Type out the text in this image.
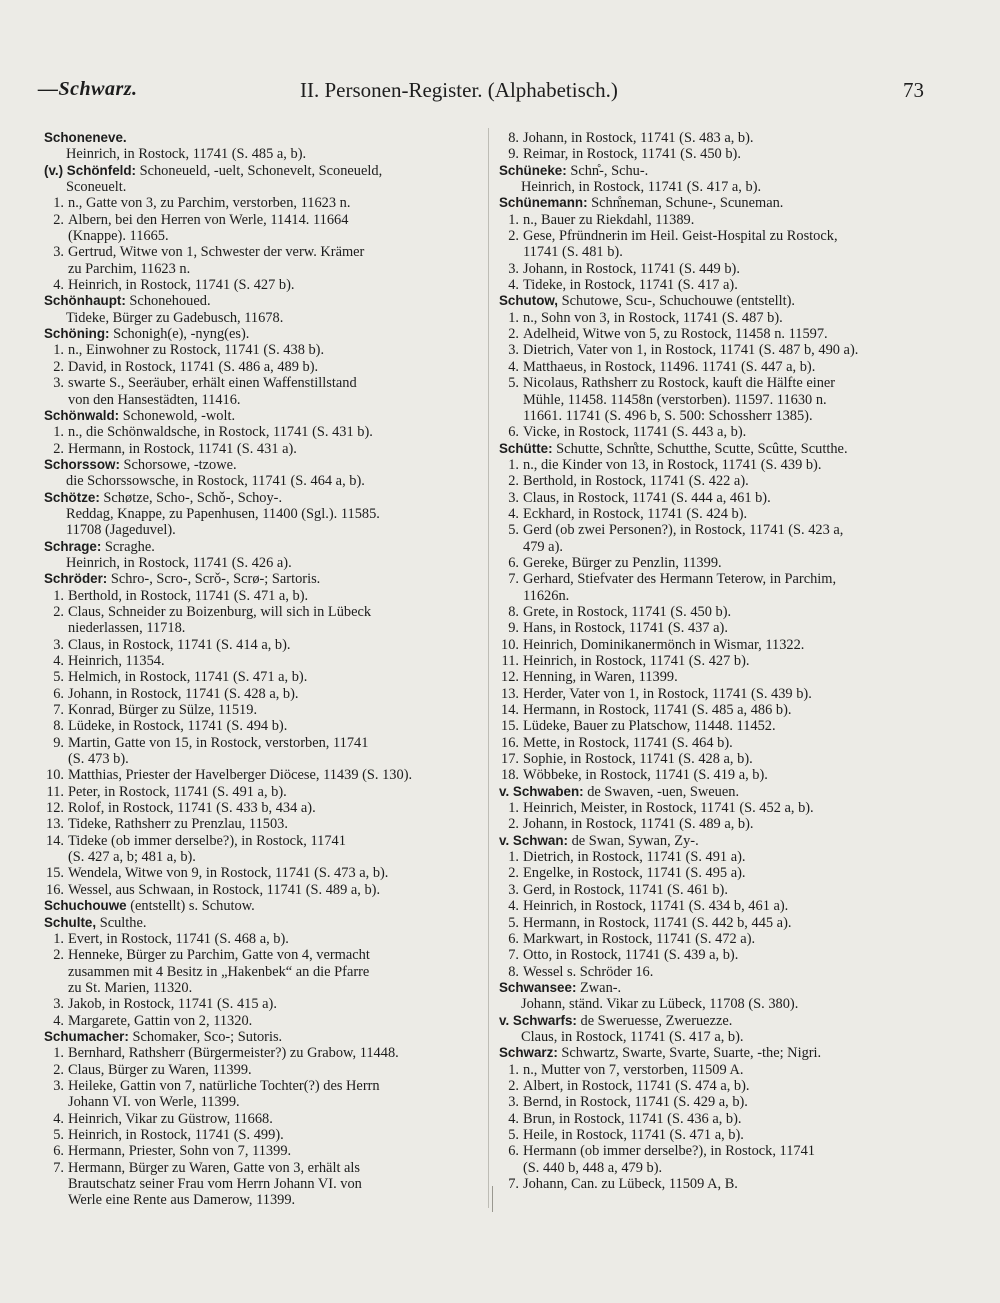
—Schwarz.	II. Personen-Register. (Alphabetisch.)	73
Schoneneve.
Heinrich, in Rostock, 11741 (S. 485 a, b).
(v.) Schönfeld: Schoneueld, -uelt, Schonevelt, Sconeueld,
Sconeuelt.
1. n., Gatte von 3, zu Parchim, verstorben, 11623 n.
2. Albern, bei den Herren von Werle, 11414. 11664
(Knappe). 11665.
3. Gertrud, Witwe von 1, Schwester der verw. Krämer
zu Parchim, 11623 n.
4. Heinrich, in Rostock, 11741 (S. 427 b).
Schönhaupt: Schonehoued.
Tideke, Bürger zu Gadebusch, 11678.
Schöning: Schonigh(e), -nyng(es).
1. n., Einwohner zu Rostock, 11741 (S. 438 b).
2. David, in Rostock, 11741 (S. 486 a, 489 b).
3. swarte S., Seeräuber, erhält einen Waffenstillstand
von den Hansestädten, 11416.
Schönwald: Schonewold, -wolt.
1. n., die Schönwaldsche, in Rostock, 11741 (S. 431 b).
2. Hermann, in Rostock, 11741 (S. 431 a).
Schorssow: Schorsowe, -tzowe.
die Schorssowsche, in Rostock, 11741 (S. 464 a, b).
Schötze: Schøtze, Scho-, Schǒ-, Schoy-.
Reddag, Knappe, zu Papenhusen, 11400 (Sgl.). 11585.
11708 (Jageduvel).
Schrage: Scraghe.
Heinrich, in Rostock, 11741 (S. 426 a).
Schröder: Schro-, Scro-, Scrǒ-, Scrø-; Sartoris.
1. Berthold, in Rostock, 11741 (S. 471 a, b).
2. Claus, Schneider zu Boizenburg, will sich in Lübeck
niederlassen, 11718.
3. Claus, in Rostock, 11741 (S. 414 a, b).
4. Heinrich, 11354.
5. Helmich, in Rostock, 11741 (S. 471 a, b).
6. Johann, in Rostock, 11741 (S. 428 a, b).
7. Konrad, Bürger zu Sülze, 11519.
8. Lüdeke, in Rostock, 11741 (S. 494 b).
9. Martin, Gatte von 15, in Rostock, verstorben, 11741
(S. 473 b).
10. Matthias, Priester der Havelberger Diöcese, 11439 (S. 130).
11. Peter, in Rostock, 11741 (S. 491 a, b).
12. Rolof, in Rostock, 11741 (S. 433 b, 434 a).
13. Tideke, Rathsherr zu Prenzlau, 11503.
14. Tideke (ob immer derselbe?), in Rostock, 11741
(S. 427 a, b; 481 a, b).
15. Wendela, Witwe von 9, in Rostock, 11741 (S. 473 a, b).
16. Wessel, aus Schwaan, in Rostock, 11741 (S. 489 a, b).
Schuchouwe (entstellt) s. Schutow.
Schulte, Sculthe.
1. Evert, in Rostock, 11741 (S. 468 a, b).
2. Henneke, Bürger zu Parchim, Gatte von 4, vermacht
zusammen mit 4 Besitz in „Hakenbek“ an die Pfarre
zu St. Marien, 11320.
3. Jakob, in Rostock, 11741 (S. 415 a).
4. Margarete, Gattin von 2, 11320.
Schumacher: Schomaker, Sco-; Sutoris.
1. Bernhard, Rathsherr (Bürgermeister?) zu Grabow, 11448.
2. Claus, Bürger zu Waren, 11399.
3. Heileke, Gattin von 7, natürliche Tochter(?) des Herrn
Johann VI. von Werle, 11399.
4. Heinrich, Vikar zu Güstrow, 11668.
5. Heinrich, in Rostock, 11741 (S. 499).
6. Hermann, Priester, Sohn von 7, 11399.
7. Hermann, Bürger zu Waren, Gatte von 3, erhält als
Brautschatz seiner Frau vom Herrn Johann VI. von
Werle eine Rente aus Damerow, 11399.
8. Johann, in Rostock, 11741 (S. 483 a, b).
9. Reimar, in Rostock, 11741 (S. 450 b).
Schüneke: Schn̊-, Schu-.
Heinrich, in Rostock, 11741 (S. 417 a, b).
Schünemann: Schn̊neman, Schune-, Scuneman.
1. n., Bauer zu Riekdahl, 11389.
2. Gese, Pfründnerin im Heil. Geist-Hospital zu Rostock,
11741 (S. 481 b).
3. Johann, in Rostock, 11741 (S. 449 b).
4. Tideke, in Rostock, 11741 (S. 417 a).
Schutow, Schutowe, Scu-, Schuchouwe (entstellt).
1. n., Sohn von 3, in Rostock, 11741 (S. 487 b).
2. Adelheid, Witwe von 5, zu Rostock, 11458 n. 11597.
3. Dietrich, Vater von 1, in Rostock, 11741 (S. 487 b, 490 a).
4. Matthaeus, in Rostock, 11496. 11741 (S. 447 a, b).
5. Nicolaus, Rathsherr zu Rostock, kauft die Hälfte einer
Mühle, 11458. 11458n (verstorben). 11597. 11630 n.
11661. 11741 (S. 496 b, S. 500: Schossherr 1385).
6. Vicke, in Rostock, 11741 (S. 443 a, b).
Schütte: Schutte, Schn̊tte, Schutthe, Scutte, Scûtte, Scutthe.
1. n., die Kinder von 13, in Rostock, 11741 (S. 439 b).
2. Berthold, in Rostock, 11741 (S. 422 a).
3. Claus, in Rostock, 11741 (S. 444 a, 461 b).
4. Eckhard, in Rostock, 11741 (S. 424 b).
5. Gerd (ob zwei Personen?), in Rostock, 11741 (S. 423 a,
479 a).
6. Gereke, Bürger zu Penzlin, 11399.
7. Gerhard, Stiefvater des Hermann Teterow, in Parchim,
11626n.
8. Grete, in Rostock, 11741 (S. 450 b).
9. Hans, in Rostock, 11741 (S. 437 a).
10. Heinrich, Dominikanermönch in Wismar, 11322.
11. Heinrich, in Rostock, 11741 (S. 427 b).
12. Henning, in Waren, 11399.
13. Herder, Vater von 1, in Rostock, 11741 (S. 439 b).
14. Hermann, in Rostock, 11741 (S. 485 a, 486 b).
15. Lüdeke, Bauer zu Platschow, 11448. 11452.
16. Mette, in Rostock, 11741 (S. 464 b).
17. Sophie, in Rostock, 11741 (S. 428 a, b).
18. Wöbbeke, in Rostock, 11741 (S. 419 a, b).
v. Schwaben: de Swaven, -uen, Sweuen.
1. Heinrich, Meister, in Rostock, 11741 (S. 452 a, b).
2. Johann, in Rostock, 11741 (S. 489 a, b).
v. Schwan: de Swan, Sywan, Zy-.
1. Dietrich, in Rostock, 11741 (S. 491 a).
2. Engelke, in Rostock, 11741 (S. 495 a).
3. Gerd, in Rostock, 11741 (S. 461 b).
4. Heinrich, in Rostock, 11741 (S. 434 b, 461 a).
5. Hermann, in Rostock, 11741 (S. 442 b, 445 a).
6. Markwart, in Rostock, 11741 (S. 472 a).
7. Otto, in Rostock, 11741 (S. 439 a, b).
8. Wessel s. Schröder 16.
Schwansee: Zwan-.
Johann, ständ. Vikar zu Lübeck, 11708 (S. 380).
v. Schwarfs: de Sweruesse, Zweruezze.
Claus, in Rostock, 11741 (S. 417 a, b).
Schwarz: Schwartz, Swarte, Svarte, Suarte, -the; Nigri.
1. n., Mutter von 7, verstorben, 11509 A.
2. Albert, in Rostock, 11741 (S. 474 a, b).
3. Bernd, in Rostock, 11741 (S. 429 a, b).
4. Brun, in Rostock, 11741 (S. 436 a, b).
5. Heile, in Rostock, 11741 (S. 471 a, b).
6. Hermann (ob immer derselbe?), in Rostock, 11741
(S. 440 b, 448 a, 479 b).
7. Johann, Can. zu Lübeck, 11509 A, B.
